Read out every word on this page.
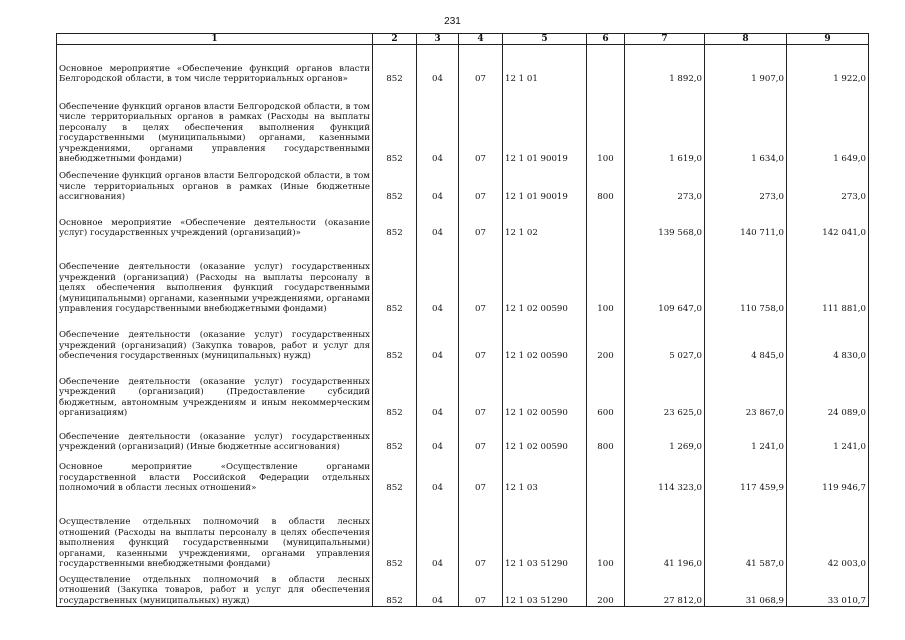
231
1	2	3	4	5	6	7	8	9
Основное мероприятие «Обеспечение функций органов власти Белгородской области, в том числе территориальных органов»	852	04	07	12 1 01		1 892,0	1 907,0	1 922,0
Обеспечение функций органов власти Белгородской области, в том числе территориальных органов в рамках (Расходы на выплаты персоналу в целях обеспечения выполнения функций государственными (муниципальными) органами, казенными учреждениями, органами управления государственными внебюджетными фондами)	852	04	07	12 1 01 90019	100	1 619,0	1 634,0	1 649,0
Обеспечение функций органов власти Белгородской области, в том числе территориальных органов в рамках (Иные бюджетные ассигнования)	852	04	07	12 1 01 90019	800	273,0	273,0	273,0
Основное мероприятие «Обеспечение деятельности (оказание услуг) государственных учреждений (организаций)»	852	04	07	12 1 02		139 568,0	140 711,0	142 041,0
Обеспечение деятельности (оказание услуг) государственных учреждений (организаций) (Расходы на выплаты персоналу в целях обеспечения выполнения функций государственными (муниципальными) органами, казенными учреждениями, органами управления государственными внебюджетными фондами)	852	04	07	12 1 02 00590	100	109 647,0	110 758,0	111 881,0
Обеспечение деятельности (оказание услуг) государственных учреждений (организаций) (Закупка товаров, работ и услуг для обеспечения государственных (муниципальных) нужд)	852	04	07	12 1 02 00590	200	5 027,0	4 845,0	4 830,0
Обеспечение деятельности (оказание услуг) государственных учреждений (организаций) (Предоставление субсидий бюджетным, автономным учреждениям и иным некоммерческим организациям)	852	04	07	12 1 02 00590	600	23 625,0	23 867,0	24 089,0
Обеспечение деятельности (оказание услуг) государственных учреждений (организаций) (Иные бюджетные ассигнования)	852	04	07	12 1 02 00590	800	1 269,0	1 241,0	1 241,0
Основное мероприятие «Осуществление органами государственной власти Российской Федерации отдельных полномочий в области лесных отношений»	852	04	07	12 1 03		114 323,0	117 459,9	119 946,7
Осуществление отдельных полномочий в области лесных отношений (Расходы на выплаты персоналу в целях обеспечения выполнения функций государственными (муниципальными) органами, казенными учреждениями, органами управления государственными внебюджетными фондами)	852	04	07	12 1 03 51290	100	41 196,0	41 587,0	42 003,0
Осуществление отдельных полномочий в области лесных отношений (Закупка товаров, работ и услуг для обеспечения государственных (муниципальных) нужд)	852	04	07	12 1 03 51290	200	27 812,0	31 068,9	33 010,7
